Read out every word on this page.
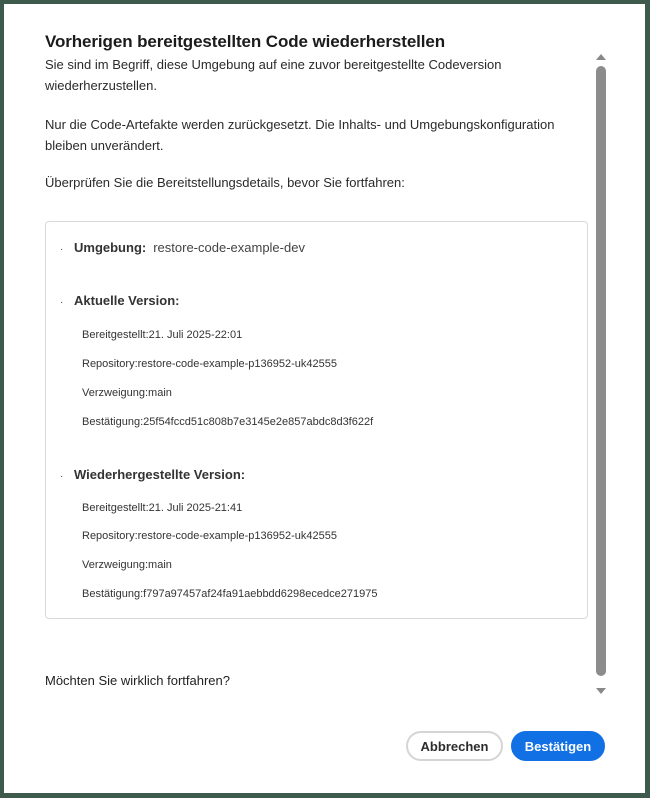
Vorherigen bereitgestellten Code wiederherstellen

Sie sind im Begriff, diese Umgebung auf eine zuvor bereitgestellte Codeversion wiederherzustellen.

Nur die Code-Artefakte werden zurückgesetzt. Die Inhalts- und Umgebungskonfiguration bleiben unverändert.

Überprüfen Sie die Bereitstellungsdetails, bevor Sie fortfahren:

· Umgebung: restore-code-example-dev
· Aktuelle Version:
Bereitgestellt:21. Juli 2025-22:01
Repository:restore-code-example-p136952-uk42555
Verzweigung:main
Bestätigung:25f54fccd51c808b7e3145e2e857abdc8d3f622f
· Wiederhergestellte Version:
Bereitgestellt:21. Juli 2025-21:41
Repository:restore-code-example-p136952-uk42555
Verzweigung:main
Bestätigung:f797a97457af24fa91aebbdd6298ecedce271975
Möchten Sie wirklich fortfahren?
Abbrechen	Bestätigen
